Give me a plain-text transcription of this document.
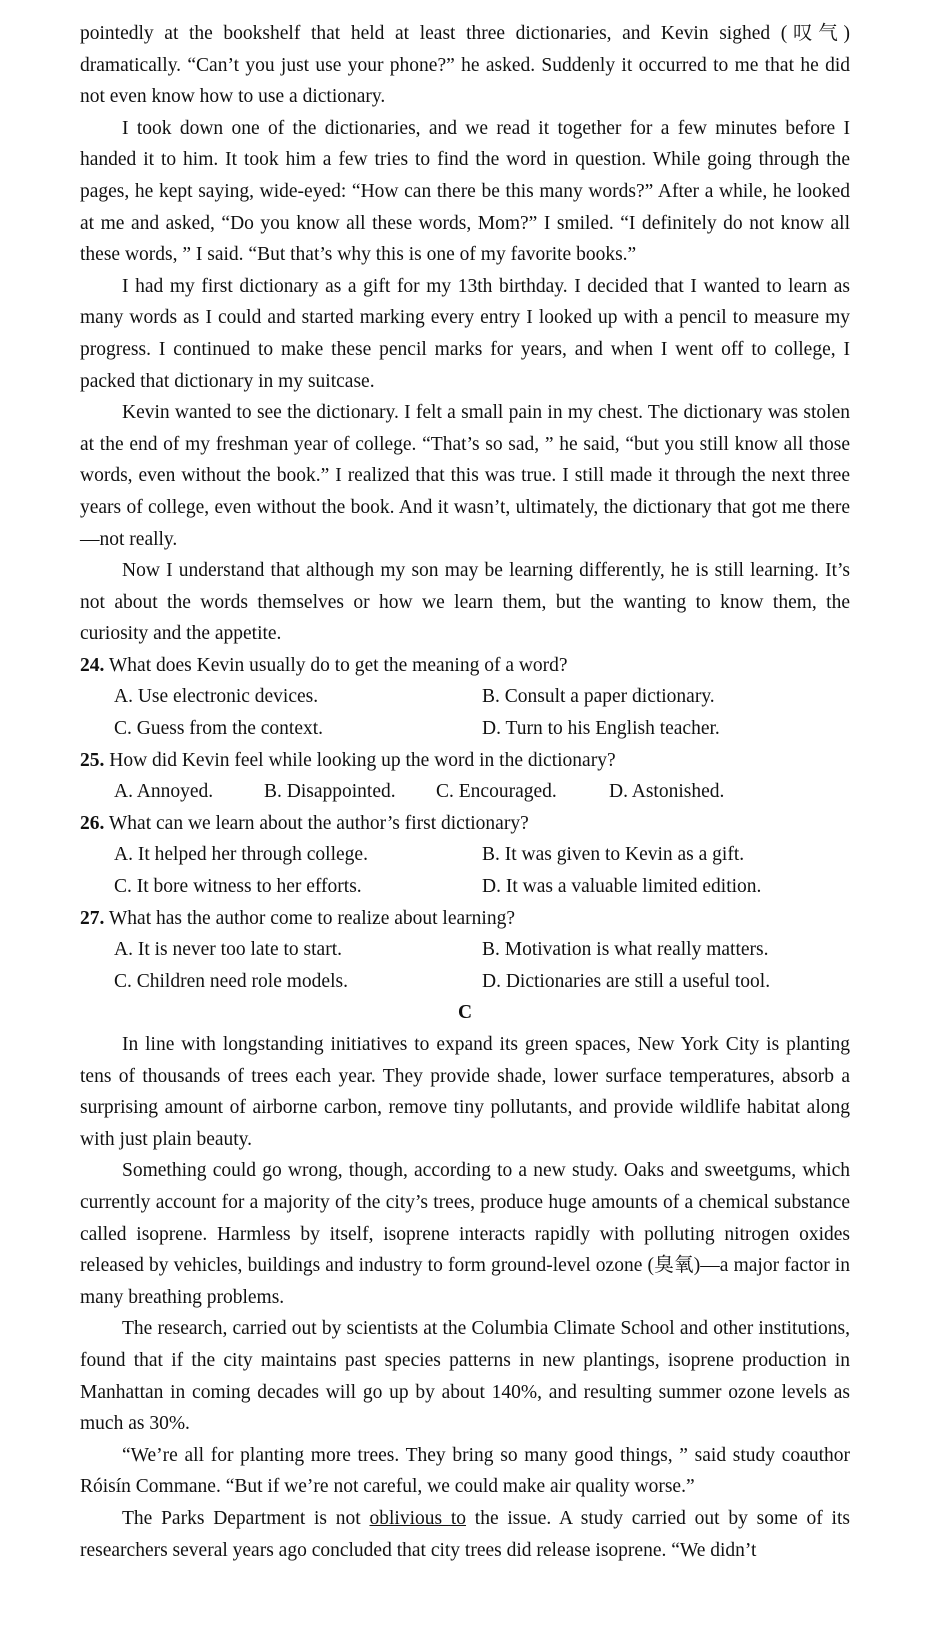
pointedly at the bookshelf that held at least three dictionaries, and Kevin sighed (叹气) dramatically. “Can’t you just use your phone?” he asked. Suddenly it occurred to me that he did not even know how to use a dictionary.

I took down one of the dictionaries, and we read it together for a few minutes before I handed it to him. It took him a few tries to find the word in question. While going through the pages, he kept saying, wide-eyed: “How can there be this many words?” After a while, he looked at me and asked, “Do you know all these words, Mom?” I smiled. “I definitely do not know all these words, ” I said. “But that’s why this is one of my favorite books.”

I had my first dictionary as a gift for my 13th birthday. I decided that I wanted to learn as many words as I could and started marking every entry I looked up with a pencil to measure my progress. I continued to make these pencil marks for years, and when I went off to college, I packed that dictionary in my suitcase.

Kevin wanted to see the dictionary. I felt a small pain in my chest. The dictionary was stolen at the end of my freshman year of college. “That’s so sad, ” he said, “but you still know all those words, even without the book.” I realized that this was true. I still made it through the next three years of college, even without the book. And it wasn’t, ultimately, the dictionary that got me there—not really.

Now I understand that although my son may be learning differently, he is still learning. It’s not about the words themselves or how we learn them, but the wanting to know them, the curiosity and the appetite.

24. What does Kevin usually do to get the meaning of a word?

A. Use electronic devices.	B. Consult a paper dictionary.
C. Guess from the context.	D. Turn to his English teacher.

25. How did Kevin feel while looking up the word in the dictionary?

A. Annoyed.	B. Disappointed.	C. Encouraged.	D. Astonished.

26. What can we learn about the author’s first dictionary?

A. It helped her through college.	B. It was given to Kevin as a gift.
C. It bore witness to her efforts.	D. It was a valuable limited edition.

27. What has the author come to realize about learning?

A. It is never too late to start.	B. Motivation is what really matters.
C. Children need role models.	D. Dictionaries are still a useful tool.

C

In line with longstanding initiatives to expand its green spaces, New York City is planting tens of thousands of trees each year. They provide shade, lower surface temperatures, absorb a surprising amount of airborne carbon, remove tiny pollutants, and provide wildlife habitat along with just plain beauty.

Something could go wrong, though, according to a new study. Oaks and sweetgums, which currently account for a majority of the city’s trees, produce huge amounts of a chemical substance called isoprene. Harmless by itself, isoprene interacts rapidly with polluting nitrogen oxides released by vehicles, buildings and industry to form ground-level ozone (臭氧)—a major factor in many breathing problems.

The research, carried out by scientists at the Columbia Climate School and other institutions, found that if the city maintains past species patterns in new plantings, isoprene production in Manhattan in coming decades will go up by about 140%, and resulting summer ozone levels as much as 30%.

“We’re all for planting more trees. They bring so many good things, ” said study coauthor Róisín Commane. “But if we’re not careful, we could make air quality worse.”

The Parks Department is not oblivious to the issue. A study carried out by some of its researchers several years ago concluded that city trees did release isoprene. “We didn’t
